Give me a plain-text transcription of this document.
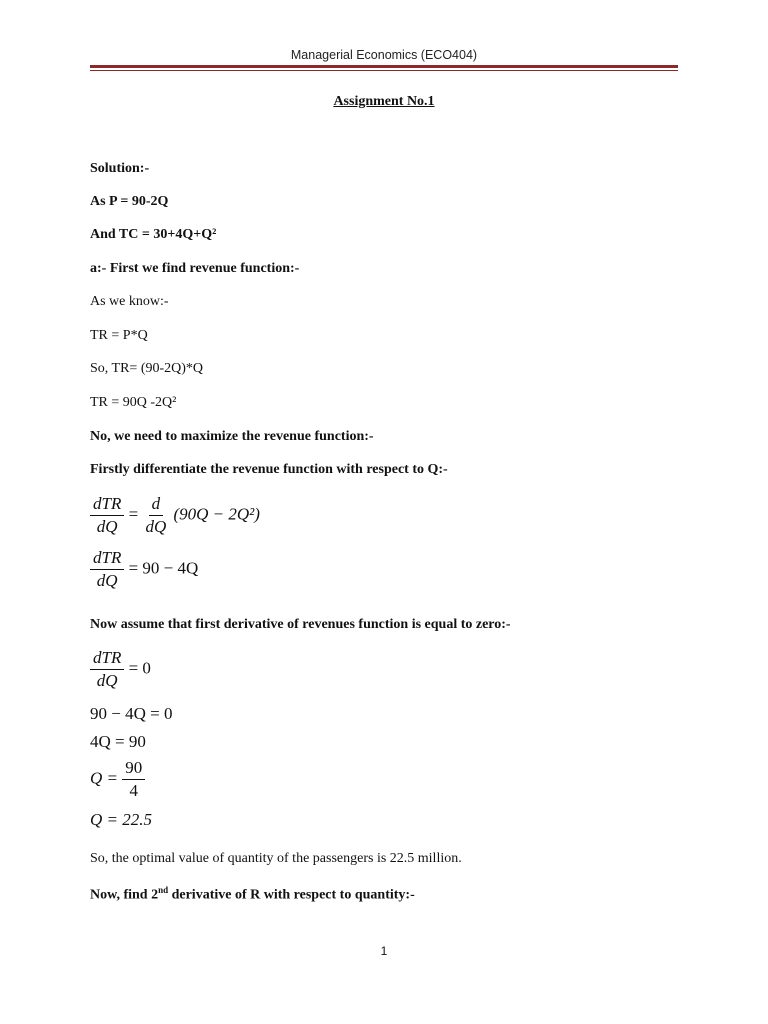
Managerial Economics (ECO404)
Assignment No.1
Solution:-
As P = 90-2Q
And TC = 30+4Q+Q²
a:- First we find revenue function:-
As we know:-
TR = P*Q
So, TR= (90-2Q)*Q
TR = 90Q -2Q²
No, we need to maximize the revenue function:-
Firstly differentiate the revenue function with respect to Q:-
$\frac{\text{dTR}}{dQ} = \frac{d}{dQ} (90Q - 2Q^2)$
$\frac{\text{dTR}}{dQ} = 90 - 4Q$
Now assume that first derivative of revenues function is equal to zero:-
$\frac{\text{dTR}}{dQ} = 0$
90 − 4Q = 0
4Q = 90
$Q = \frac{90}{4}$
Q = 22.5
So, the optimal value of quantity of the passengers is 22.5 million.
Now, find 2nd derivative of R with respect to quantity:-
1
